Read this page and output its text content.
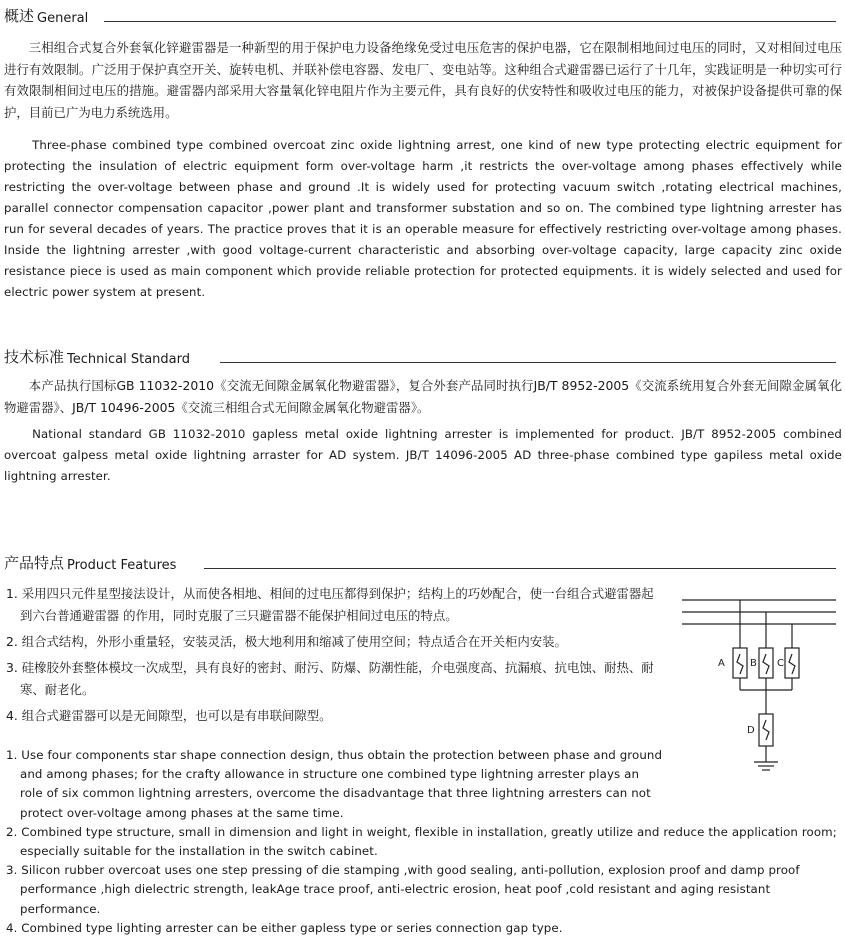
概述 General

三相组合式复合外套氧化锌避雷器是一种新型的用于保护电力设备绝缘免受过电压危害的保护电器，它在限制相地间过电压的同时，又对相间过电压进行有效限制。广泛用于保护真空开关、旋转电机、并联补偿电容器、发电厂、变电站等。这种组合式避雷器已运行了十几年，实践证明是一种切实可行有效限制相间过电压的措施。避雷器内部采用大容量氧化锌电阻片作为主要元件，具有良好的伏安特性和吸收过电压的能力，对被保护设备提供可靠的保护，目前已广为电力系统选用。

Three-phase combined type combined overcoat zinc oxide lightning arrest, one kind of new type protecting electric equipment for protecting the insulation of electric equipment form over-voltage harm ,it restricts the over-voltage among phases effectively while restricting the over-voltage between phase and ground .It is widely used for protecting vacuum switch ,rotating electrical machines, parallel connector compensation capacitor ,power plant and transformer substation and so on. The combined type lightning arrester has run for several decades of years. The practice proves that it is an operable measure for effectively restricting over-voltage among phases. Inside the lightning arrester ,with good voltage-current characteristic and absorbing over-voltage capacity, large capacity zinc oxide resistance piece is used as main component which provide reliable protection for protected equipments. it is widely selected and used for electric power system at present.

技术标准 Technical Standard

本产品执行国标GB 11032-2010《交流无间隙金属氧化物避雷器》，复合外套产品同时执行JB/T 8952-2005《交流系统用复合外套无间隙金属氧化物避雷器》、JB/T 10496-2005《交流三相组合式无间隙金属氧化物避雷器》。

National standard GB 11032-2010 gapless metal oxide lightning arrester is implemented for product. JB/T 8952-2005 combined overcoat galpess metal oxide lightning arraster for AD system. JB/T 14096-2005 AD three-phase combined type gapiless metal oxide lightning arrester.

产品特点 Product Features
1. 采用四只元件星型接法设计，从而使各相地、相间的过电压都得到保护；结构上的巧妙配合，使一台组合式避雷器起到六台普通避雷器 的作用，同时克服了三只避雷器不能保护相间过电压的特点。
2. 组合式结构，外形小重量轻，安装灵活，极大地利用和缩减了使用空间；特点适合在开关柜内安装。
3. 硅橡胶外套整体模坟一次成型，具有良好的密封、耐污、防爆、防潮性能，介电强度高、抗漏痕、抗电蚀、耐热、耐寒、耐老化。
4. 组合式避雷器可以是无间隙型，也可以是有串联间隙型。
1. Use four components star shape connection design, thus obtain the protection between phase and ground and among phases; for the crafty allowance in structure one combined type lightning arrester plays an role of six common lightning arresters, overcome the disadvantage that three lightning arresters can not protect over-voltage among phases at the same time.
2. Combined type structure, small in dimension and light in weight, flexible in installation, greatly utilize and reduce the application room; especially suitable for the installation in the switch cabinet.
3. Silicon rubber overcoat uses one step pressing of die stamping ,with good sealing, anti-pollution, explosion proof and damp proof performance ,high dielectric strength, leakAge trace proof, anti-electric erosion, heat poof ,cold resistant and aging resistant performance.
4. Combined type lighting arrester can be either gapless type or series connection gap type.
A	B C
D
